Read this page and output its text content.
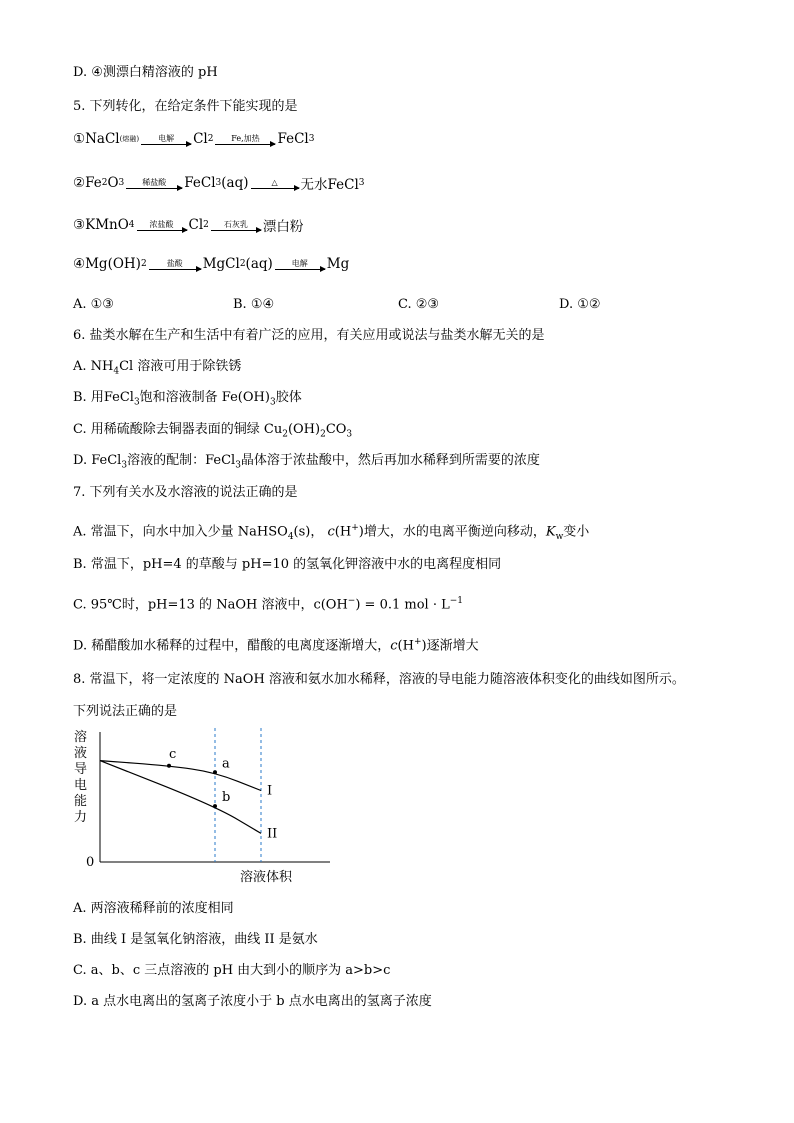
D. ④测漂白精溶液的 pH
5. 下列转化，在给定条件下能实现的是
① NaCl (熔融) 电解 Cl 2 Fe,加热 FeCl 3
② Fe 2 O 3 稀盐酸 FeCl 3 (aq)	△ 无水FeCl 3
③ KMnO 4 浓盐酸 Cl 2 石灰乳 漂白粉
④ Mg (OH) 2	盐酸 MgCl 2 (aq) 电解 Mg
A. ①③	B. ①④	C. ②③	D. ①②
6. 盐类水解在生产和生活中有着广泛的应用，有关应用或说法与盐类水解无关的是
A. $NH_4Cl$ 溶液可用于除铁锈
B. 用FeCl$_3$饱和溶液制备 $Fe(OH)_3$胶体
C. 用稀硫酸除去铜器表面的铜绿 $Cu_2(OH)_2CO_3$
D. FeCl$_3$溶液的配制：FeCl$_3$晶体溶于浓盐酸中，然后再加水稀释到所需要的浓度
7. 下列有关水及水溶液的说法正确的是
A. 常温下，向水中加入少量 NaHSO$_4$(s)， c(H+)增大，水的电离平衡逆向移动，$K_w$变小
B. 常温下，pH=4 的草酸与 pH=10 的氢氧化钾溶液中水的电离程度相同
C. 95℃时，pH=13 的 NaOH 溶液中，c(OH−) = 0.1 mol · $L^{-1}$
D. 稀醋酸加水稀释的过程中，醋酸的电离度逐渐增大，c(H+)逐渐增大
8. 常温下，将一定浓度的 NaOH 溶液和氨水加水稀释，溶液的导电能力随溶液体积变化的曲线如图所示。
下列说法正确的是
溶
液
导
电
能
力
0
溶液体积
I
II
c
a
b
A. 两溶液稀释前的浓度相同
B. 曲线 I 是氢氧化钠溶液，曲线 II 是氨水
C. a、b、c 三点溶液的 pH 由大到小的顺序为 a>b>c
D. a 点水电离出的氢离子浓度小于 b 点水电离出的氢离子浓度
